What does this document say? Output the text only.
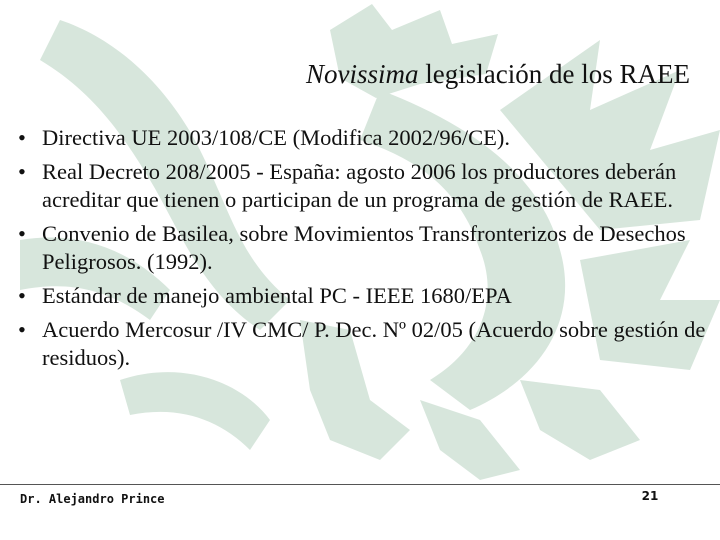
Novissima legislación de los RAEE
• Directiva UE 2003/108/CE (Modifica 2002/96/CE).
• Real Decreto 208/2005 - España: agosto 2006 los productores deberán acreditar que tienen o participan de un programa de gestión de RAEE.
• Convenio de Basilea, sobre Movimientos Transfronterizos de Desechos Peligrosos. (1992).
• Estándar de manejo ambiental PC - IEEE 1680/EPA
• Acuerdo Mercosur /IV CMC/ P. Dec. Nº 02/05 (Acuerdo sobre gestión de residuos).
Dr. Alejandro Prince	21
